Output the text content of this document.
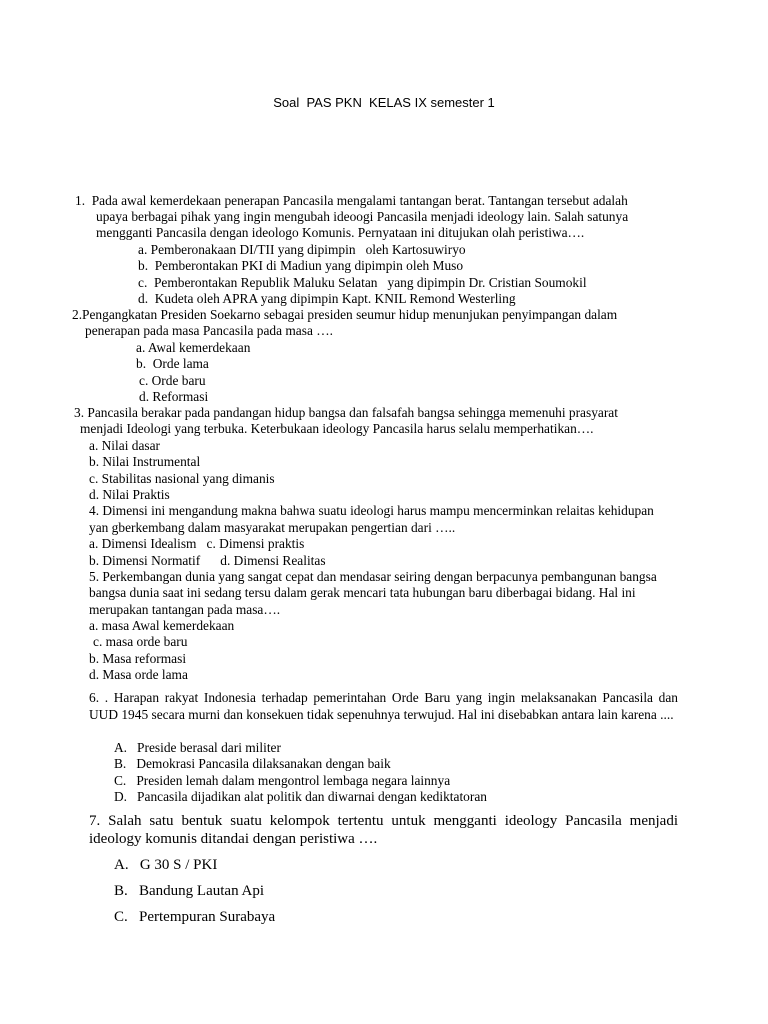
Soal  PAS PKN  KELAS IX semester 1
1.  Pada awal kemerdekaan penerapan Pancasila mengalami tantangan berat. Tantangan tersebut adalah
upaya berbagai pihak yang ingin mengubah ideoogi Pancasila menjadi ideology lain. Salah satunya
mengganti Pancasila dengan ideologo Komunis. Pernyataan ini ditujukan olah peristiwa….
a. Pemberonakaan DI/TII yang dipimpin   oleh Kartosuwiryo
b.  Pemberontakan PKI di Madiun yang dipimpin oleh Muso
c.  Pemberontakan Republik Maluku Selatan   yang dipimpin Dr. Cristian Soumokil
d.  Kudeta oleh APRA yang dipimpin Kapt. KNIL Remond Westerling
2.Pengangkatan Presiden Soekarno sebagai presiden seumur hidup menunjukan penyimpangan dalam
penerapan pada masa Pancasila pada masa ….
a. Awal kemerdekaan
b.  Orde lama
c. Orde baru
d. Reformasi
3. Pancasila berakar pada pandangan hidup bangsa dan falsafah bangsa sehingga memenuhi prasyarat
menjadi Ideologi yang terbuka. Keterbukaan ideology Pancasila harus selalu memperhatikan….
a. Nilai dasar
b. Nilai Instrumental
c. Stabilitas nasional yang dimanis
d. Nilai Praktis
4. Dimensi ini mengandung makna bahwa suatu ideologi harus mampu mencerminkan relaitas kehidupan
yan gberkembang dalam masyarakat merupakan pengertian dari …..
a. Dimensi Idealism   c. Dimensi praktis
b. Dimensi Normatif      d. Dimensi Realitas
5. Perkembangan dunia yang sangat cepat dan mendasar seiring dengan berpacunya pembangunan bangsa
bangsa dunia saat ini sedang tersu dalam gerak mencari tata hubungan baru diberbagai bidang. Hal ini
merupakan tantangan pada masa….
a. masa Awal kemerdekaan
c. masa orde baru
b. Masa reformasi
d. Masa orde lama
6. . Harapan rakyat Indonesia terhadap pemerintahan Orde Baru yang ingin melaksanakan Pancasila dan UUD 1945 secara murni dan konsekuen tidak sepenuhnya terwujud. Hal ini disebabkan antara lain karena ....
A.   Preside berasal dari militer
B.   Demokrasi Pancasila dilaksanakan dengan baik
C.   Presiden lemah dalam mengontrol lembaga negara lainnya
D.   Pancasila dijadikan alat politik dan diwarnai dengan kediktatoran
7. Salah satu bentuk suatu kelompok tertentu untuk mengganti ideology Pancasila menjadi ideology komunis ditandai dengan peristiwa ….
A.   G 30 S / PKI
B.   Bandung Lautan Api
C.   Pertempuran Surabaya
